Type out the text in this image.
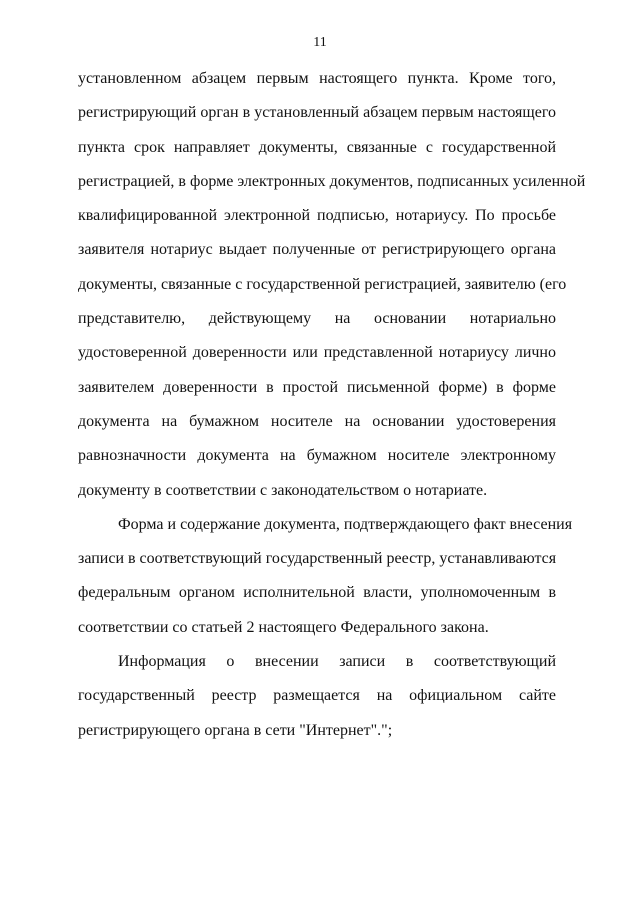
11
установленном абзацем первым настоящего пункта. Кроме того,
регистрирующий орган в установленный абзацем первым настоящего
пункта срок направляет документы, связанные с государственной
регистрацией, в форме электронных документов, подписанных усиленной
квалифицированной электронной подписью, нотариусу. По просьбе
заявителя нотариус выдает полученные от регистрирующего органа
документы, связанные с государственной регистрацией, заявителю (его
представителю, действующему на основании нотариально
удостоверенной доверенности или представленной нотариусу лично
заявителем доверенности в простой письменной форме) в форме
документа на бумажном носителе на основании удостоверения
равнозначности документа на бумажном носителе электронному
документу в соответствии с законодательством о нотариате.
Форма и содержание документа, подтверждающего факт внесения
записи в соответствующий государственный реестр, устанавливаются
федеральным органом исполнительной власти, уполномоченным в
соответствии со статьей 2 настоящего Федерального закона.
Информация о внесении записи в соответствующий
государственный реестр размещается на официальном сайте
регистрирующего органа в сети "Интернет".";
